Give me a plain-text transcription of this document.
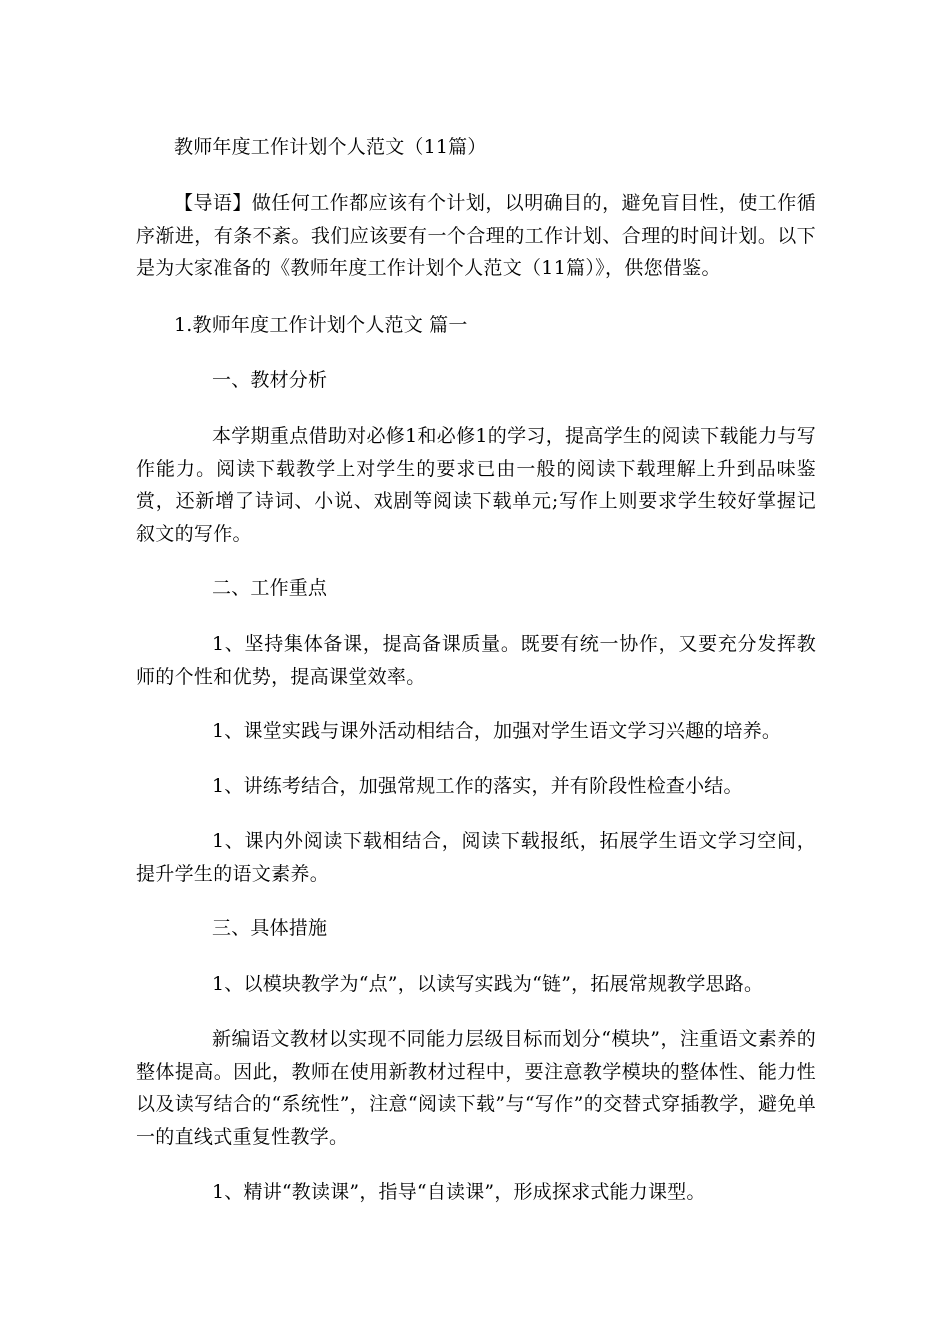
教师年度工作计划个人范文（11篇）
【导语】做任何工作都应该有个计划，以明确目的，避免盲目性，使工作循序渐进，有条不紊。我们应该要有一个合理的工作计划、合理的时间计划。以下是为大家准备的《教师年度工作计划个人范文（11篇）》，供您借鉴。
1.教师年度工作计划个人范文 篇一
一、教材分析
本学期重点借助对必修1和必修1的学习，提高学生的阅读下载能力与写作能力。阅读下载教学上对学生的要求已由一般的阅读下载理解上升到品味鉴赏，还新增了诗词、小说、戏剧等阅读下载单元;写作上则要求学生较好掌握记叙文的写作。
二、工作重点
1、坚持集体备课，提高备课质量。既要有统一协作，又要充分发挥教师的个性和优势，提高课堂效率。
1、课堂实践与课外活动相结合，加强对学生语文学习兴趣的培养。
1、讲练考结合，加强常规工作的落实，并有阶段性检查小结。
1、课内外阅读下载相结合，阅读下载报纸，拓展学生语文学习空间，提升学生的语文素养。
三、具体措施
1、以模块教学为“点”，以读写实践为“链”，拓展常规教学思路。
新编语文教材以实现不同能力层级目标而划分“模块”，注重语文素养的整体提高。因此，教师在使用新教材过程中，要注意教学模块的整体性、能力性以及读写结合的“系统性”，注意“阅读下载”与“写作”的交替式穿插教学，避免单一的直线式重复性教学。
1、精讲“教读课”，指导“自读课”，形成探求式能力课型。
